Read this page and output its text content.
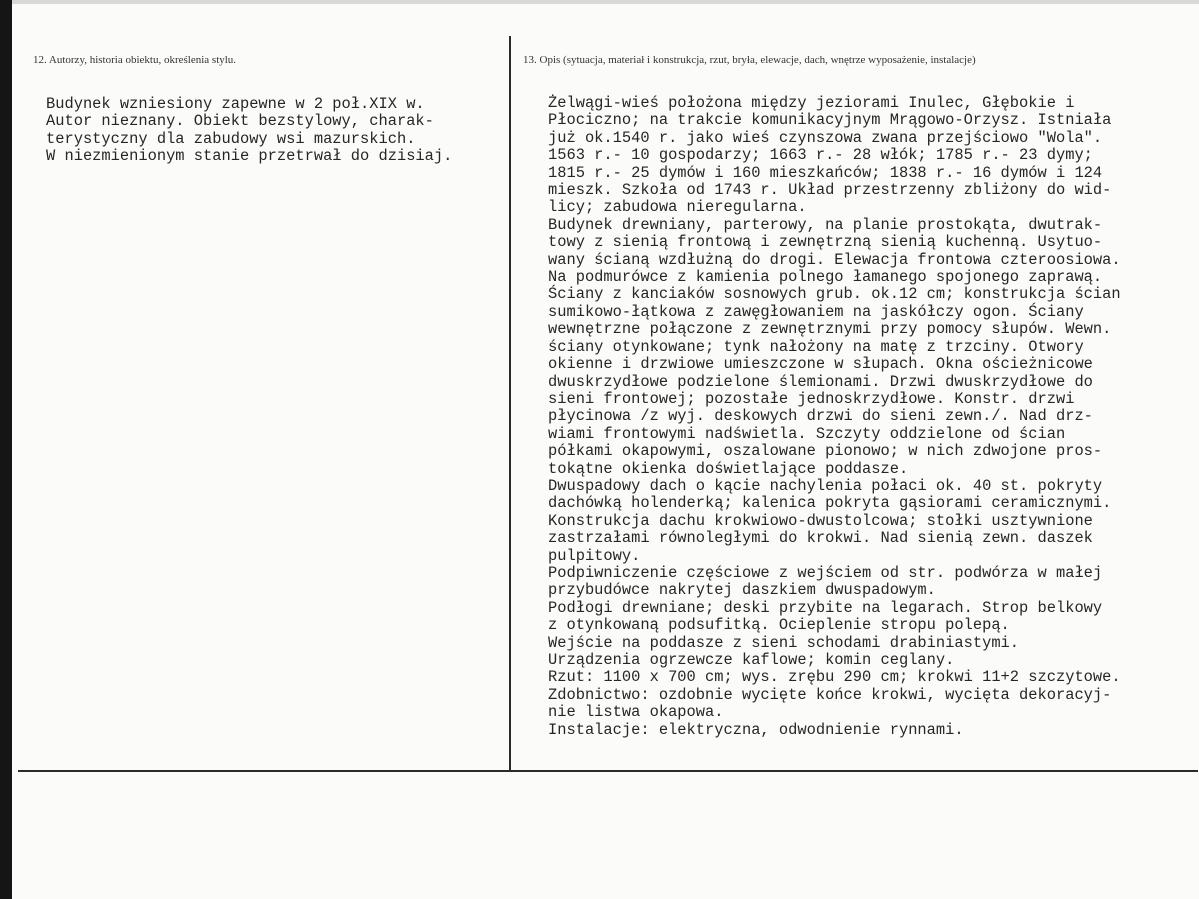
12. Autorzy, historia obiektu, określenia stylu.	13. Opis (sytuacja, materiał i konstrukcja, rzut, bryła, elewacje, dach, wnętrze wyposażenie, instalacje)
Budynek wzniesiony zapewne w 2 poł.XIX w.
Autor nieznany. Obiekt bezstylowy, charak-
terystyczny dla zabudowy wsi mazurskich.
W niezmienionym stanie przetrwał do dzisiaj.
Żelwągi-wieś położona między jeziorami Inulec, Głębokie i
Płociczno; na trakcie komunikacyjnym Mrągowo-Orzysz. Istniała
już ok.1540 r. jako wieś czynszowa zwana przejściowo "Wola".
1563 r.- 10 gospodarzy; 1663 r.- 28 włók; 1785 r.- 23 dymy;
1815 r.- 25 dymów i 160 mieszkańców; 1838 r.- 16 dymów i 124
mieszk. Szkoła od 1743 r. Układ przestrzenny zbliżony do wid-
licy; zabudowa nieregularna.
Budynek drewniany, parterowy, na planie prostokąta, dwutrak-
towy z sienią frontową i zewnętrzną sienią kuchenną. Usytuo-
wany ścianą wzdłużną do drogi. Elewacja frontowa czteroosiowa.
Na podmurówce z kamienia polnego łamanego spojonego zaprawą.
Ściany z kanciaków sosnowych grub. ok.12 cm; konstrukcja ścian
sumikowo-łątkowa z zawęgłowaniem na jaskółczy ogon. Ściany
wewnętrzne połączone z zewnętrznymi przy pomocy słupów. Wewn.
ściany otynkowane; tynk nałożony na matę z trzciny. Otwory
okienne i drzwiowe umieszczone w słupach. Okna ościeżnicowe
dwuskrzydłowe podzielone ślemionami. Drzwi dwuskrzydłowe do
sieni frontowej; pozostałe jednoskrzydłowe. Konstr. drzwi
płycinowa /z wyj. deskowych drzwi do sieni zewn./. Nad drz-
wiami frontowymi nadświetla. Szczyty oddzielone od ścian
półkami okapowymi, oszalowane pionowo; w nich zdwojone pros-
tokątne okienka doświetlające poddasze.
Dwuspadowy dach o kącie nachylenia połaci ok. 40 st. pokryty
dachówką holenderką; kalenica pokryta gąsiorami ceramicznymi.
Konstrukcja dachu krokwiowo-dwustolcowa; stołki usztywnione
zastrzałami równoległymi do krokwi. Nad sienią zewn. daszek
pulpitowy.
Podpiwniczenie częściowe z wejściem od str. podwórza w małej
przybudówce nakrytej daszkiem dwuspadowym.
Podłogi drewniane; deski przybite na legarach. Strop belkowy
z otynkowaną podsufitką. Ocieplenie stropu polepą.
Wejście na poddasze z sieni schodami drabiniastymi.
Urządzenia ogrzewcze kaflowe; komin ceglany.
Rzut: 1100 x 700 cm; wys. zrębu 290 cm; krokwi 11+2 szczytowe.
Zdobnictwo: ozdobnie wycięte końce krokwi, wycięta dekoracyj-
nie listwa okapowa.
Instalacje: elektryczna, odwodnienie rynnami.
